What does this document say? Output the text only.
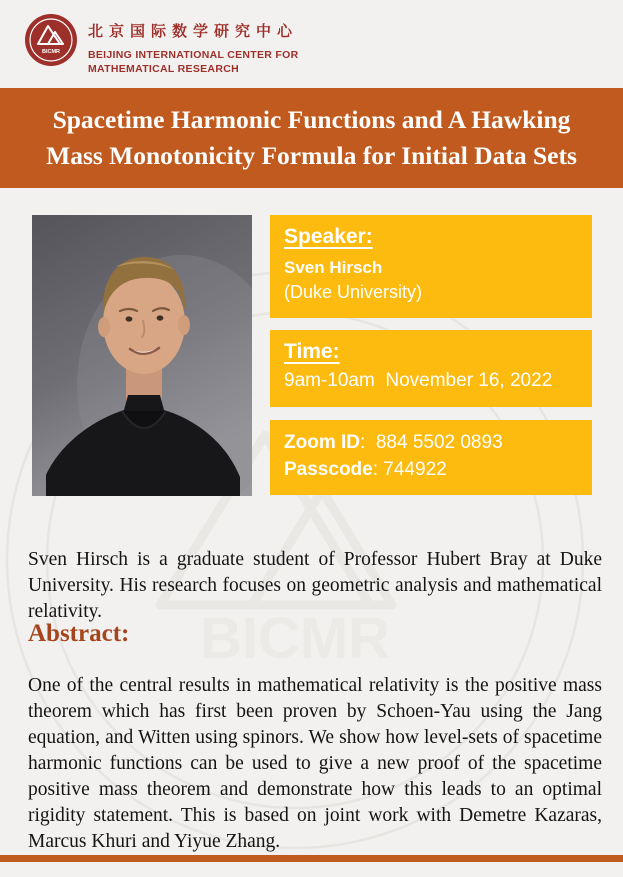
BICMR
BICMR
北京国际数学研究中心
BEIJING INTERNATIONAL CENTER FOR
MATHEMATICAL RESEARCH
Spacetime Harmonic Functions and A Hawking
Mass Monotonicity Formula for Initial Data Sets
Speaker:
Sven Hirsch
(Duke University)
Time:
9am-10am  November 16, 2022
Zoom ID:  884 5502 0893
Passcode: 744922

Sven Hirsch is a graduate student of Professor Hubert Bray at Duke University. His research focuses on geometric analysis and mathematical relativity.

Abstract:

One of the central results in mathematical relativity is the positive mass theorem which has first been proven by Schoen-Yau using the Jang equation, and Witten using spinors. We show how level-sets of spacetime harmonic functions can be used to give a new proof of the spacetime positive mass theorem and demonstrate how this leads to an optimal rigidity statement. This is based on joint work with Demetre Kazaras, Marcus Khuri and Yiyue Zhang.
